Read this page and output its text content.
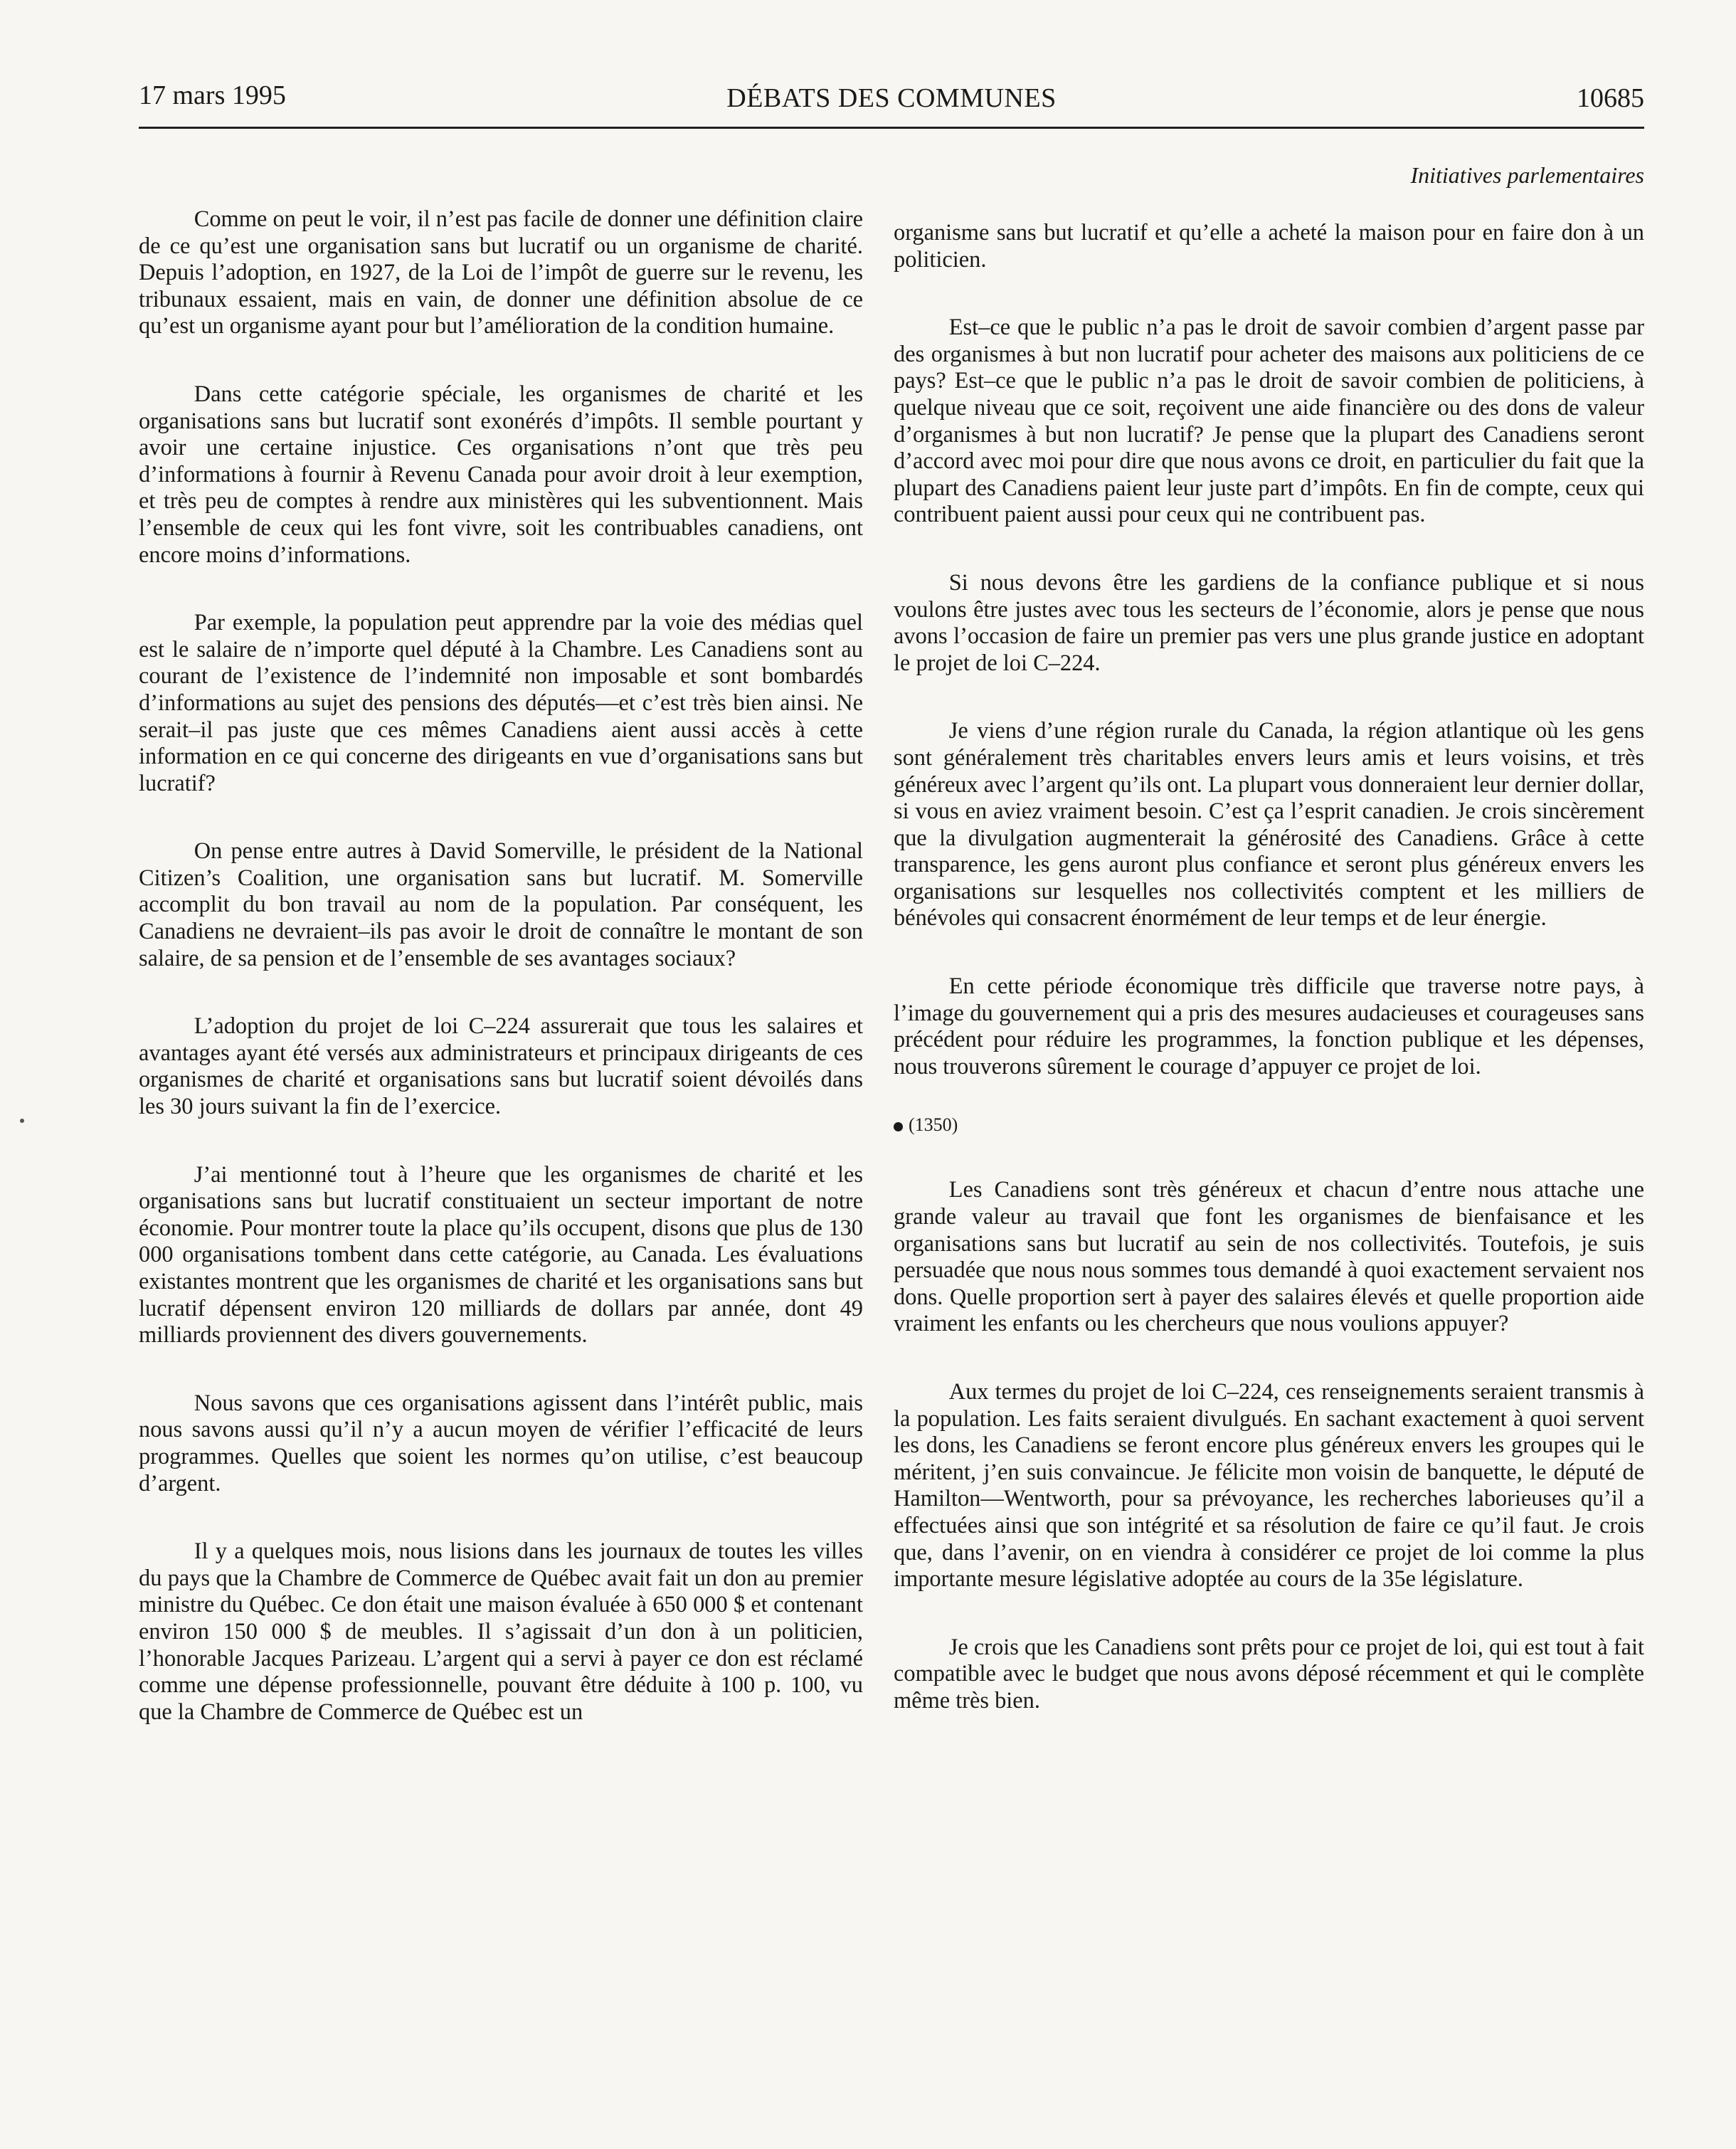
17 mars 1995	DÉBATS DES COMMUNES	10685
Initiatives parlementaires

Comme on peut le voir, il n’est pas facile de donner une définition claire de ce qu’est une organisation sans but lucratif ou un organisme de charité. Depuis l’adoption, en 1927, de la Loi de l’impôt de guerre sur le revenu, les tribunaux essaient, mais en vain, de donner une définition absolue de ce qu’est un organisme ayant pour but l’amélioration de la condition humaine.

Dans cette catégorie spéciale, les organismes de charité et les organisations sans but lucratif sont exonérés d’impôts. Il semble pourtant y avoir une certaine injustice. Ces organisations n’ont que très peu d’informations à fournir à Revenu Canada pour avoir droit à leur exemption, et très peu de comptes à rendre aux ministères qui les subventionnent. Mais l’ensemble de ceux qui les font vivre, soit les contribuables canadiens, ont encore moins d’informations.

Par exemple, la population peut apprendre par la voie des médias quel est le salaire de n’importe quel député à la Chambre. Les Canadiens sont au courant de l’existence de l’indemnité non imposable et sont bombardés d’informations au sujet des pensions des députés—et c’est très bien ainsi. Ne serait–il pas juste que ces mêmes Canadiens aient aussi accès à cette information en ce qui concerne des dirigeants en vue d’organisations sans but lucratif?

On pense entre autres à David Somerville, le président de la National Citizen’s Coalition, une organisation sans but lucratif. M. Somerville accomplit du bon travail au nom de la population. Par conséquent, les Canadiens ne devraient–ils pas avoir le droit de connaître le montant de son salaire, de sa pension et de l’ensemble de ses avantages sociaux?

L’adoption du projet de loi C–224 assurerait que tous les salaires et avantages ayant été versés aux administrateurs et principaux dirigeants de ces organismes de charité et organisations sans but lucratif soient dévoilés dans les 30 jours suivant la fin de l’exercice.

J’ai mentionné tout à l’heure que les organismes de charité et les organisations sans but lucratif constituaient un secteur important de notre économie. Pour montrer toute la place qu’ils occupent, disons que plus de 130 000 organisations tombent dans cette catégorie, au Canada. Les évaluations existantes montrent que les organismes de charité et les organisations sans but lucratif dépensent environ 120 milliards de dollars par année, dont 49 milliards proviennent des divers gouvernements.

Nous savons que ces organisations agissent dans l’intérêt public, mais nous savons aussi qu’il n’y a aucun moyen de vérifier l’efficacité de leurs programmes. Quelles que soient les normes qu’on utilise, c’est beaucoup d’argent.

Il y a quelques mois, nous lisions dans les journaux de toutes les villes du pays que la Chambre de Commerce de Québec avait fait un don au premier ministre du Québec. Ce don était une maison évaluée à 650 000 $ et contenant environ 150 000 $ de meubles. Il s’agissait d’un don à un politicien, l’honorable Jacques Parizeau. L’argent qui a servi à payer ce don est réclamé comme une dépense professionnelle, pouvant être déduite à 100 p. 100, vu que la Chambre de Commerce de Québec est un

organisme sans but lucratif et qu’elle a acheté la maison pour en faire don à un politicien.

Est–ce que le public n’a pas le droit de savoir combien d’argent passe par des organismes à but non lucratif pour acheter des maisons aux politiciens de ce pays? Est–ce que le public n’a pas le droit de savoir combien de politiciens, à quelque niveau que ce soit, reçoivent une aide financière ou des dons de valeur d’organismes à but non lucratif? Je pense que la plupart des Canadiens seront d’accord avec moi pour dire que nous avons ce droit, en particulier du fait que la plupart des Canadiens paient leur juste part d’impôts. En fin de compte, ceux qui contribuent paient aussi pour ceux qui ne contribuent pas.

Si nous devons être les gardiens de la confiance publique et si nous voulons être justes avec tous les secteurs de l’économie, alors je pense que nous avons l’occasion de faire un premier pas vers une plus grande justice en adoptant le projet de loi C–224.

Je viens d’une région rurale du Canada, la région atlantique où les gens sont généralement très charitables envers leurs amis et leurs voisins, et très généreux avec l’argent qu’ils ont. La plupart vous donneraient leur dernier dollar, si vous en aviez vraiment besoin. C’est ça l’esprit canadien. Je crois sincèrement que la divulgation augmenterait la générosité des Canadiens. Grâce à cette transparence, les gens auront plus confiance et seront plus généreux envers les organisations sur lesquelles nos collectivités comptent et les milliers de bénévoles qui consacrent énormément de leur temps et de leur énergie.

En cette période économique très difficile que traverse notre pays, à l’image du gouvernement qui a pris des mesures audacieuses et courageuses sans précédent pour réduire les programmes, la fonction publique et les dépenses, nous trouverons sûrement le courage d’appuyer ce projet de loi.

(1350)

Les Canadiens sont très généreux et chacun d’entre nous attache une grande valeur au travail que font les organismes de bienfaisance et les organisations sans but lucratif au sein de nos collectivités. Toutefois, je suis persuadée que nous nous sommes tous demandé à quoi exactement servaient nos dons. Quelle proportion sert à payer des salaires élevés et quelle proportion aide vraiment les enfants ou les chercheurs que nous voulions appuyer?

Aux termes du projet de loi C–224, ces renseignements seraient transmis à la population. Les faits seraient divulgués. En sachant exactement à quoi servent les dons, les Canadiens se feront encore plus généreux envers les groupes qui le méritent, j’en suis convaincue. Je félicite mon voisin de banquette, le député de Hamilton—Wentworth, pour sa prévoyance, les recherches laborieuses qu’il a effectuées ainsi que son intégrité et sa résolution de faire ce qu’il faut. Je crois que, dans l’avenir, on en viendra à considérer ce projet de loi comme la plus importante mesure législative adoptée au cours de la 35e législature.

Je crois que les Canadiens sont prêts pour ce projet de loi, qui est tout à fait compatible avec le budget que nous avons déposé récemment et qui le complète même très bien.
